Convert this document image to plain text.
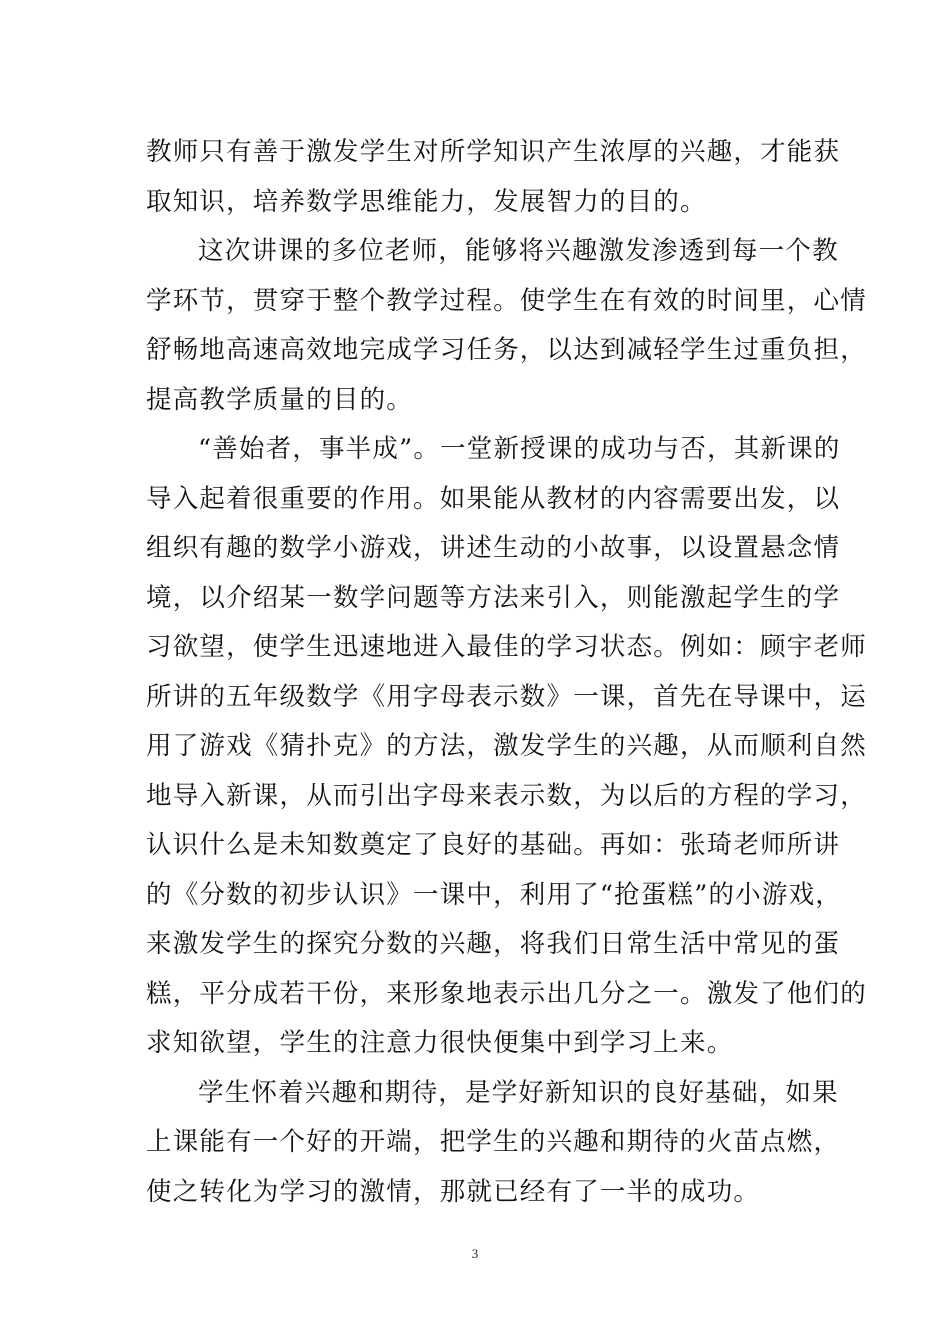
教师只有善于激发学生对所学知识产生浓厚的兴趣，才能获
取知识，培养数学思维能力，发展智力的目的。
这次讲课的多位老师，能够将兴趣激发渗透到每一个教
学环节，贯穿于整个教学过程。使学生在有效的时间里，心情
舒畅地高速高效地完成学习任务，以达到减轻学生过重负担，
提高教学质量的目的。
“善始者，事半成”。一堂新授课的成功与否，其新课的
导入起着很重要的作用。如果能从教材的内容需要出发，以
组织有趣的数学小游戏，讲述生动的小故事，以设置悬念情
境，以介绍某一数学问题等方法来引入，则能激起学生的学
习欲望，使学生迅速地进入最佳的学习状态。例如：顾宇老师
所讲的五年级数学《用字母表示数》一课，首先在导课中，运
用了游戏《猜扑克》的方法，激发学生的兴趣，从而顺利自然
地导入新课，从而引出字母来表示数，为以后的方程的学习，
认识什么是未知数奠定了良好的基础。再如：张琦老师所讲
的《分数的初步认识》一课中，利用了“抢蛋糕”的小游戏，
来激发学生的探究分数的兴趣，将我们日常生活中常见的蛋
糕，平分成若干份，来形象地表示出几分之一。激发了他们的
求知欲望，学生的注意力很快便集中到学习上来。
学生怀着兴趣和期待，是学好新知识的良好基础，如果
上课能有一个好的开端，把学生的兴趣和期待的火苗点燃，
使之转化为学习的激情，那就已经有了一半的成功。
3
